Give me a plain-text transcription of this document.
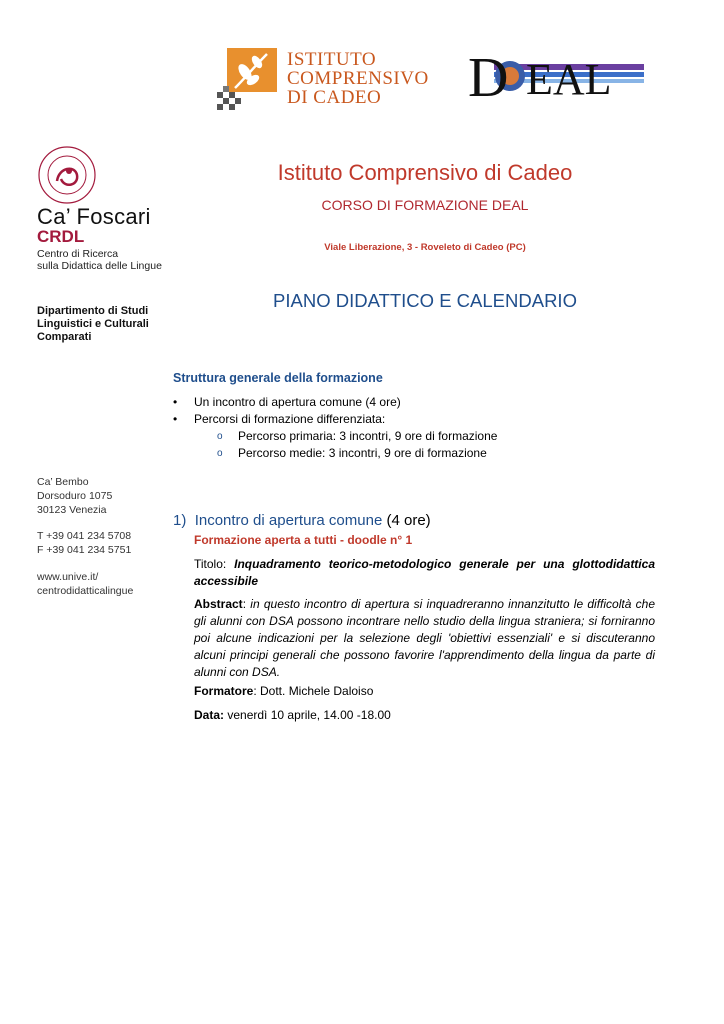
ISTITUTO
COMPRENSIVO
DI CADEO	D EAL
Ca’ Foscari
CRDL
Centro di Ricerca
sulla Didattica delle Lingue
Dipartimento di Studi
Linguistici e Culturali
Comparati
Ca’ Bembo
Dorsoduro 1075
30123 Venezia
T +39 041 234 5708
F +39 041 234 5751
www.unive.it/
centrodidatticalingue
Istituto Comprensivo di Cadeo
CORSO DI FORMAZIONE DEAL
Viale Liberazione, 3 - Roveleto di Cadeo (PC)
PIANO DIDATTICO E CALENDARIO
Struttura generale della formazione
• Un incontro di apertura comune (4 ore)
• Percorsi di formazione differenziata:
o Percorso primaria: 3 incontri, 9 ore di formazione
o Percorso medie: 3 incontri, 9 ore di formazione
1) Incontro di apertura comune (4 ore)
Formazione aperta a tutti - doodle n° 1
Titolo: Inquadramento teorico-metodologico generale per una glottodidattica accessibile
Abstract: in questo incontro di apertura si inquadreranno innanzitutto le difficoltà che gli alunni con DSA possono incontrare nello studio della lingua straniera; si forniranno poi alcune indicazioni per la selezione degli 'obiettivi essenziali' e si discuteranno alcuni principi generali che possono favorire l'apprendimento della lingua da parte di alunni con DSA.
Formatore: Dott. Michele Daloiso
Data: venerdì 10 aprile, 14.00 -18.00
